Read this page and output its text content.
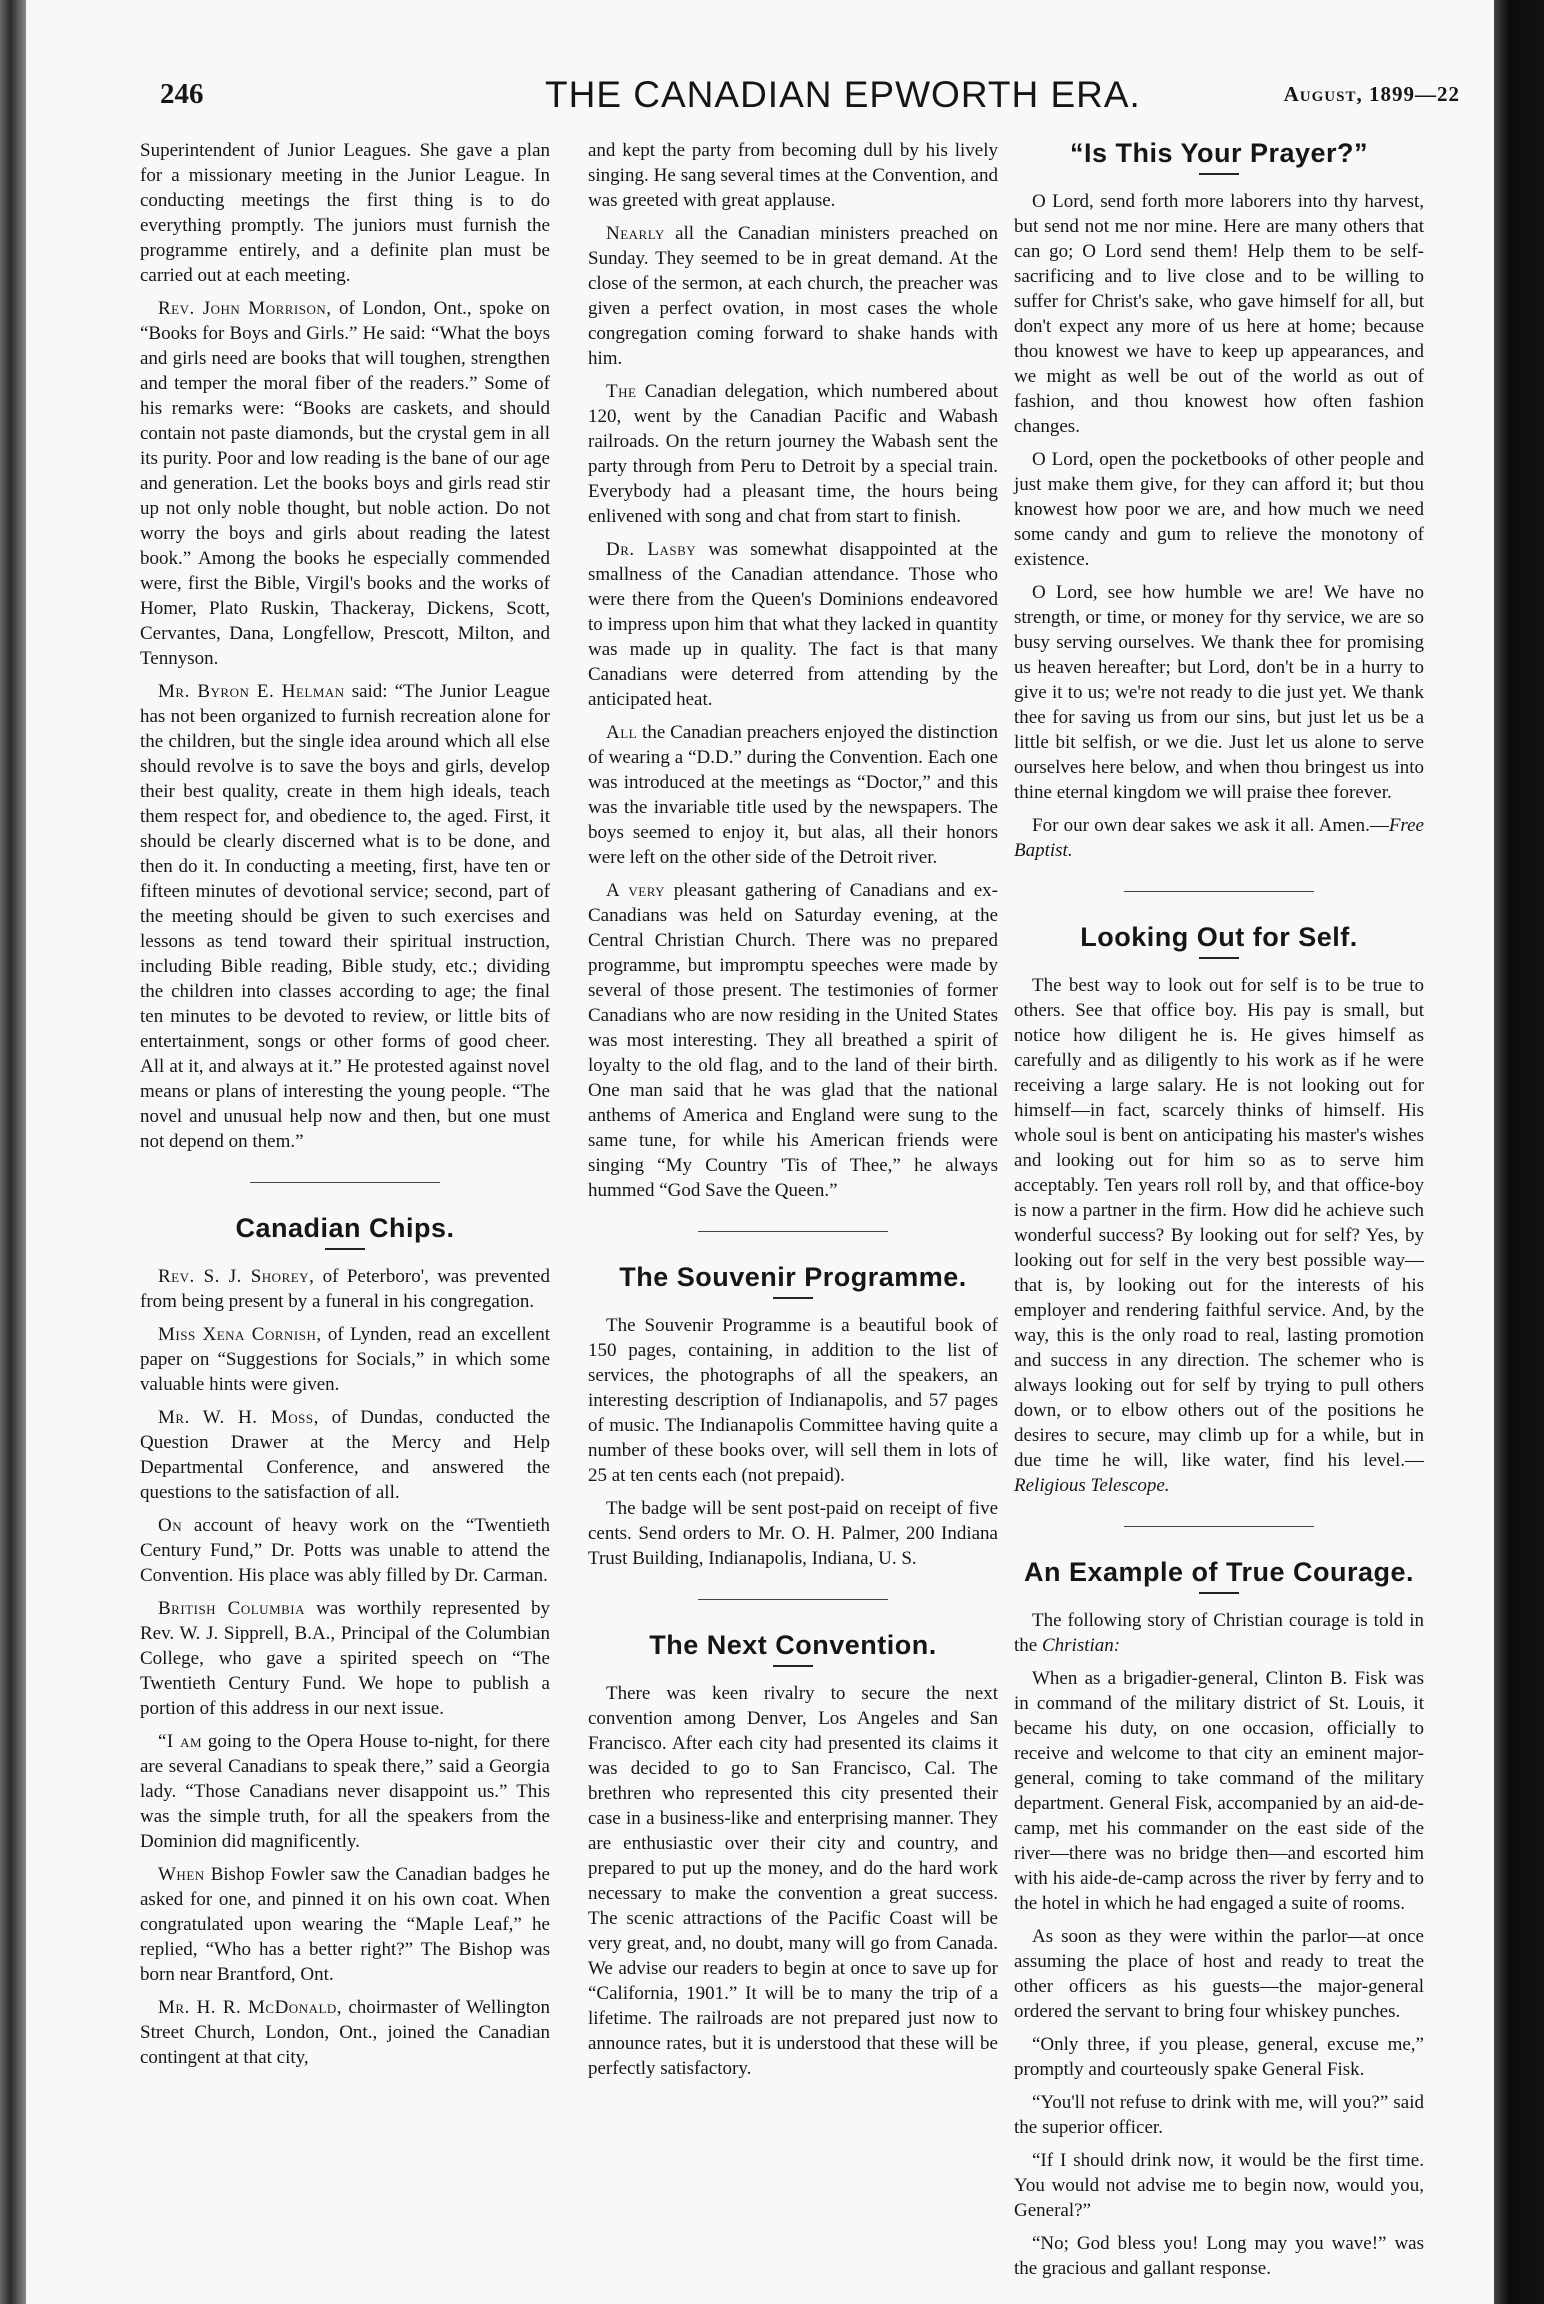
246	THE CANADIAN EPWORTH ERA.	August, 1899—22

Superintendent of Junior Leagues. She gave a plan for a missionary meeting in the Junior League. In conducting meetings the first thing is to do everything promptly. The juniors must furnish the programme entirely, and a definite plan must be carried out at each meeting.

Rev. John Morrison, of London, Ont., spoke on “Books for Boys and Girls.” He said: “What the boys and girls need are books that will toughen, strengthen and temper the moral fiber of the readers.” Some of his remarks were: “Books are caskets, and should contain not paste diamonds, but the crystal gem in all its purity. Poor and low reading is the bane of our age and generation. Let the books boys and girls read stir up not only noble thought, but noble action. Do not worry the boys and girls about reading the latest book.” Among the books he especially commended were, first the Bible, Virgil's books and the works of Homer, Plato Ruskin, Thackeray, Dickens, Scott, Cervantes, Dana, Longfellow, Prescott, Milton, and Tennyson.

Mr. Byron E. Helman said: “The Junior League has not been organized to furnish recreation alone for the children, but the single idea around which all else should revolve is to save the boys and girls, develop their best quality, create in them high ideals, teach them respect for, and obedience to, the aged. First, it should be clearly discerned what is to be done, and then do it. In conducting a meeting, first, have ten or fifteen minutes of devotional service; second, part of the meeting should be given to such exercises and lessons as tend toward their spiritual instruction, including Bible reading, Bible study, etc.; dividing the children into classes according to age; the final ten minutes to be devoted to review, or little bits of entertainment, songs or other forms of good cheer. All at it, and always at it.” He protested against novel means or plans of interesting the young people. “The novel and unusual help now and then, but one must not depend on them.”

Canadian Chips.

Rev. S. J. Shorey, of Peterboro', was prevented from being present by a funeral in his congregation.

Miss Xena Cornish, of Lynden, read an excellent paper on “Suggestions for Socials,” in which some valuable hints were given.

Mr. W. H. Moss, of Dundas, conducted the Question Drawer at the Mercy and Help Departmental Conference, and answered the questions to the satisfaction of all.

On account of heavy work on the “Twentieth Century Fund,” Dr. Potts was unable to attend the Convention. His place was ably filled by Dr. Carman.

British Columbia was worthily represented by Rev. W. J. Sipprell, B.A., Principal of the Columbian College, who gave a spirited speech on “The Twentieth Century Fund. We hope to publish a portion of this address in our next issue.

“I am going to the Opera House to-night, for there are several Canadians to speak there,” said a Georgia lady. “Those Canadians never disappoint us.” This was the simple truth, for all the speakers from the Dominion did magnificently.

When Bishop Fowler saw the Canadian badges he asked for one, and pinned it on his own coat. When congratulated upon wearing the “Maple Leaf,” he replied, “Who has a better right?” The Bishop was born near Brantford, Ont.

Mr. H. R. McDonald, choirmaster of Wellington Street Church, London, Ont., joined the Canadian contingent at that city,

and kept the party from becoming dull by his lively singing. He sang several times at the Convention, and was greeted with great applause.

Nearly all the Canadian ministers preached on Sunday. They seemed to be in great demand. At the close of the sermon, at each church, the preacher was given a perfect ovation, in most cases the whole congregation coming forward to shake hands with him.

The Canadian delegation, which numbered about 120, went by the Canadian Pacific and Wabash railroads. On the return journey the Wabash sent the party through from Peru to Detroit by a special train. Everybody had a pleasant time, the hours being enlivened with song and chat from start to finish.

Dr. Lasby was somewhat disappointed at the smallness of the Canadian attendance. Those who were there from the Queen's Dominions endeavored to impress upon him that what they lacked in quantity was made up in quality. The fact is that many Canadians were deterred from attending by the anticipated heat.

All the Canadian preachers enjoyed the distinction of wearing a “D.D.” during the Convention. Each one was introduced at the meetings as “Doctor,” and this was the invariable title used by the newspapers. The boys seemed to enjoy it, but alas, all their honors were left on the other side of the Detroit river.

A very pleasant gathering of Canadians and ex-Canadians was held on Saturday evening, at the Central Christian Church. There was no prepared programme, but impromptu speeches were made by several of those present. The testimonies of former Canadians who are now residing in the United States was most interesting. They all breathed a spirit of loyalty to the old flag, and to the land of their birth. One man said that he was glad that the national anthems of America and England were sung to the same tune, for while his American friends were singing “My Country 'Tis of Thee,” he always hummed “God Save the Queen.”

The Souvenir Programme.

The Souvenir Programme is a beautiful book of 150 pages, containing, in addition to the list of services, the photographs of all the speakers, an interesting description of Indianapolis, and 57 pages of music. The Indianapolis Committee having quite a number of these books over, will sell them in lots of 25 at ten cents each (not prepaid).

The badge will be sent post-paid on receipt of five cents. Send orders to Mr. O. H. Palmer, 200 Indiana Trust Building, Indianapolis, Indiana, U. S.

The Next Convention.

There was keen rivalry to secure the next convention among Denver, Los Angeles and San Francisco. After each city had presented its claims it was decided to go to San Francisco, Cal. The brethren who represented this city presented their case in a business-like and enterprising manner. They are enthusiastic over their city and country, and prepared to put up the money, and do the hard work necessary to make the convention a great success. The scenic attractions of the Pacific Coast will be very great, and, no doubt, many will go from Canada. We advise our readers to begin at once to save up for “California, 1901.” It will be to many the trip of a lifetime. The railroads are not prepared just now to announce rates, but it is understood that these will be perfectly satisfactory.

“Is This Your Prayer?”

O Lord, send forth more laborers into thy harvest, but send not me nor mine. Here are many others that can go; O Lord send them! Help them to be self-sacrificing and to live close and to be willing to suffer for Christ's sake, who gave himself for all, but don't expect any more of us here at home; because thou knowest we have to keep up appearances, and we might as well be out of the world as out of fashion, and thou knowest how often fashion changes.

O Lord, open the pocketbooks of other people and just make them give, for they can afford it; but thou knowest how poor we are, and how much we need some candy and gum to relieve the monotony of existence.

O Lord, see how humble we are! We have no strength, or time, or money for thy service, we are so busy serving ourselves. We thank thee for promising us heaven hereafter; but Lord, don't be in a hurry to give it to us; we're not ready to die just yet. We thank thee for saving us from our sins, but just let us be a little bit selfish, or we die. Just let us alone to serve ourselves here below, and when thou bringest us into thine eternal kingdom we will praise thee forever.

For our own dear sakes we ask it all. Amen.—Free Baptist.

Looking Out for Self.

The best way to look out for self is to be true to others. See that office boy. His pay is small, but notice how diligent he is. He gives himself as carefully and as diligently to his work as if he were receiving a large salary. He is not looking out for himself—in fact, scarcely thinks of himself. His whole soul is bent on anticipating his master's wishes and looking out for him so as to serve him acceptably. Ten years roll roll by, and that office-boy is now a partner in the firm. How did he achieve such wonderful success? By looking out for self? Yes, by looking out for self in the very best possible way—that is, by looking out for the interests of his employer and rendering faithful service. And, by the way, this is the only road to real, lasting promotion and success in any direction. The schemer who is always looking out for self by trying to pull others down, or to elbow others out of the positions he desires to secure, may climb up for a while, but in due time he will, like water, find his level.—Religious Telescope.

An Example of True Courage.

The following story of Christian courage is told in the Christian:

When as a brigadier-general, Clinton B. Fisk was in command of the military district of St. Louis, it became his duty, on one occasion, officially to receive and welcome to that city an eminent major-general, coming to take command of the military department. General Fisk, accompanied by an aid-de-camp, met his commander on the east side of the river—there was no bridge then—and escorted him with his aide-de-camp across the river by ferry and to the hotel in which he had engaged a suite of rooms.

As soon as they were within the parlor—at once assuming the place of host and ready to treat the other officers as his guests—the major-general ordered the servant to bring four whiskey punches.

“Only three, if you please, general, excuse me,” promptly and courteously spake General Fisk.

“You'll not refuse to drink with me, will you?” said the superior officer.

“If I should drink now, it would be the first time. You would not advise me to begin now, would you, General?”

“No; God bless you! Long may you wave!” was the gracious and gallant response.
